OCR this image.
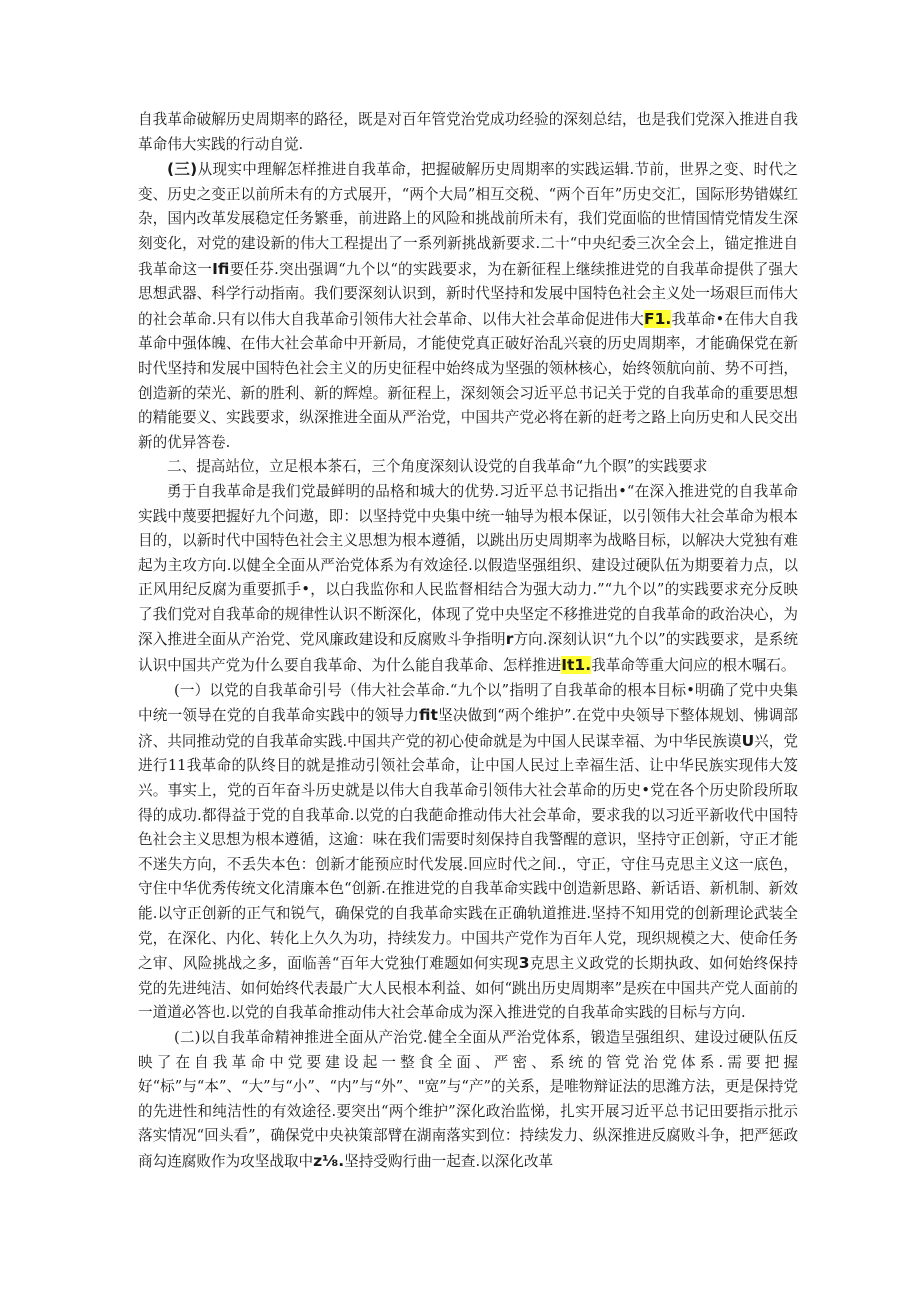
自我革命破解历史周期率的路径，既是对百年管党治党成功经验的深刻总结，也是我们党深入推进自我革命伟大实践的行动自觉.

(三)从现实中理解怎样推进自我革命，把握破解历史周期率的实践运辑.节前，世界之变、时代之变、历史之变正以前所未有的方式展开，“两个大局”相互交税、“两个百年”历史交汇，国际形势错媒红杂，国内改革发展稳定任务繁垂，前进路上的风险和挑战前所未有，我们党面临的世情国情党情发生深刻变化，对党的建设新的伟大工程提出了一系列新挑战新要求.二十“中央纪委三次全会上，锚定推进自我革命这一Ifi要任芬.突出强调“九个以“的实践要求，为在新征程上继续推进党的自我革命提供了强大思想武器、科学行动指南。我们要深刻认识到，新时代坚持和发展中国特色社会主义处一场艰巨而伟大的社会革命.只有以伟大自我革命引领伟大社会革命、以伟大社会革命促进伟大F1.我革命•在伟大自我革命中强体魄、在伟大社会革命中开新局，才能使党真正破好治乱兴衰的历史周期率，才能确保党在新时代坚持和发展中国特色社会主义的历史征程中始终成为坚强的领林核心，始终领航向前、势不可挡，创造新的荣光、新的胜利、新的辉煌。新征程上，深刻领会习近平总书记关于党的自我革命的重要思想的精能要义、实践要求，纵深推进全面从严治党，中国共产党必将在新的赶考之路上向历史和人民交出新的优异答卷.

二、提高站位，立足根本茶石，三个角度深刻认设党的自我革命“九个瞑”的实践要求

勇于自我革命是我们党最鲜明的品格和城大的优势.习近平总书记指出•“在深入推进党的自我革命实践中蔑要把握好九个问遨，即：以坚持党中央集中统一轴导为根本保证，以引领伟大社会革命为根本目的，以新时代中国特色社会主义思想为根本遵循，以跳出历史周期率为战略目标，以解决大党独有难起为主攻方向.以健全全面从严治党体系为有效途径.以假造坚强组织、建设过硬队伍为期要着力点，以正风用纪反腐为重要抓手•，以白我监你和人民监督相结合为强大动力.”“九个以”的实践要求充分反映了我们党对自我革命的规律性认识不断深化，体现了党中央坚定不移推进党的自我革命的政治决心，为深入推进全面从产治党、党风廉政建设和反腐败斗争指明r方向.深刻认识“九个以”的实践要求，是系统认识中国共产党为什么要自我革命、为什么能自我革命、怎样推进It1.我革命等重大问应的根木嘱石。

(一）以党的自我革命引号（伟大社会革命.“九个以”指明了自我革命的根本目标•明确了党中央集中统一领导在党的自我革命实践中的领导力fit坚决做到“两个维护”.在党中央领导下整体规划、怫调部济、共同推动党的自我革命实践.中国共产党的初心使命就是为中国人民谋幸福、为中华民族谟U兴，党进行11我革命的队终目的就是推动引领社会革命，让中国人民过上幸福生活、让中华民族实现伟大笈兴。事实上，党的百年奋斗历史就是以伟大自我革命引领伟大社会革命的历史•党在各个历史阶段所取得的成功.都得益于党的自我革命.以党的白我葩命推动伟大社会革命，要求我的以习近平新收代中国特色社会主义思想为根本遵循，这逾：味在我们需要时刻保持自我警醒的意识，坚持守正创新，守正才能不迷失方向，不丢失本色：创新才能预应时代发展.回应时代之间.，守正，守住马克思主义这一底色，守住中华优秀传统文化清廉本色“创新.在推进党的自我革命实践中创造新思路、新话语、新机制、新效能.以守正创新的正气和锐气，确保党的自我革命实践在正确轨道推进.坚持不知用党的创新理论武装全党，在深化、内化、转化上久久为功，持续发力。中国共产党作为百年人党，现织规模之大、使命任务之审、风险挑战之多，面临善“百年大党独仃难题如何实现3克思主义政党的长期执政、如何始终保持党的先进纯洁、如何始终代表最广大人民根本利益、如何“跳出历史周期率”是疾在中国共产党人面前的一道道必答也.以党的自我革命推动伟大社会革命成为深入推进党的自我革命实践的目标与方向.

(二)以自我革命精神推进全面从产治党.健全全面从严治党体系，锻造呈强组织、建设过硬队伍反映了在自我革命中党要建设起一整食全面、严密、系统的管党治党体系.需要把握好“标”与“本”、“大”与“小”、“内”与“外”、"宽”与“产”的关系，是唯物辩证法的思潍方法，更是保持党的先进性和纯洁性的有效途径.要突出“两个维护”深化政治监悌，扎实开展习近平总书记田要指示批示落实情况“回头看”，确保党中央袂策部臂在湖南落实到位：持续发力、纵深推进反腐败斗争，把严惩政商勾连腐败作为攻坚战取中z⅛.坚持受购行曲一起查.以深化改革
